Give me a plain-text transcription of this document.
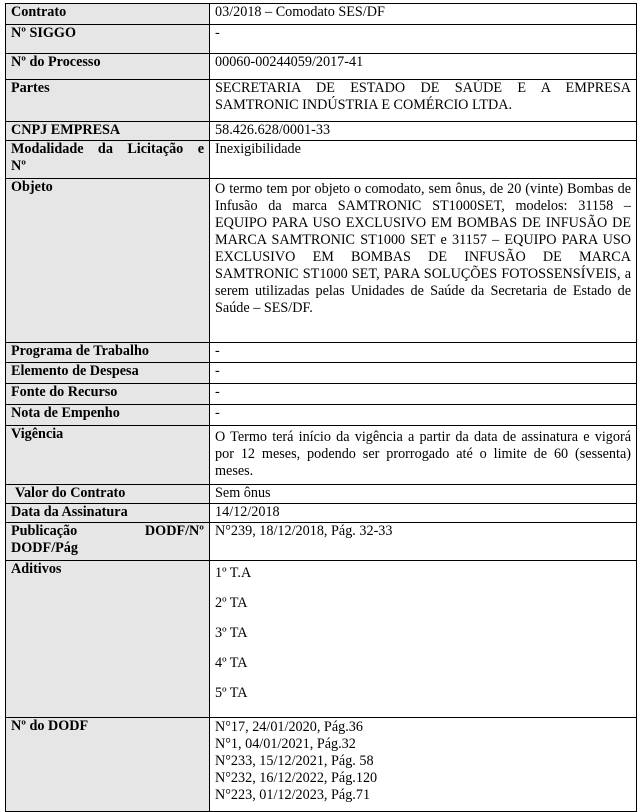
Contrato	03/2018 – Comodato SES/DF
Nº SIGGO	-
Nº do Processo	00060-00244059/2017-41
Partes	SECRETARIA DE ESTADO DE SAÚDE E A EMPRESA SAMTRONIC INDÚSTRIA E COMÉRCIO LTDA.
CNPJ EMPRESA	58.426.628/0001-33

Modalidade da Licitação e
Nº	Inexigibilidade
Objeto	O termo tem por objeto o comodato, sem ônus, de 20 (vinte) Bombas de Infusão da marca SAMTRONIC ST1000SET, modelos: 31158 – EQUIPO PARA USO EXCLUSIVO EM BOMBAS DE INFUSÃO DE MARCA SAMTRONIC ST1000 SET e 31157 – EQUIPO PARA USO EXCLUSIVO EM BOMBAS DE INFUSÃO DE MARCA SAMTRONIC ST1000 SET, PARA SOLUÇÕES FOTOSSENSÍVEIS, a serem utilizadas pelas Unidades de Saúde da Secretaria de Estado de Saúde – SES/DF.
Programa de Trabalho	-
Elemento de Despesa	-
Fonte do Recurso	-
Nota de Empenho	-
Vigência	O Termo terá início da vigência a partir da data de assinatura e vigorá por 12 meses, podendo ser prorrogado até o limite de 60 (sessenta) meses.
Valor do Contrato	Sem ônus
Data da Assinatura	14/12/2018

Publicação DODF/Nº
DODF/Pág	N°239, 18/12/2018, Pág. 32-33
Aditivos	1º T.A
2º TA
3º TA
4º TA
5º TA

Nº do DODF	N°17, 24/01/2020, Pág.36
N°1, 04/01/2021, Pág.32
N°233, 15/12/2021, Pág. 58
N°232, 16/12/2022, Pág.120
N°223, 01/12/2023, Pág.71
